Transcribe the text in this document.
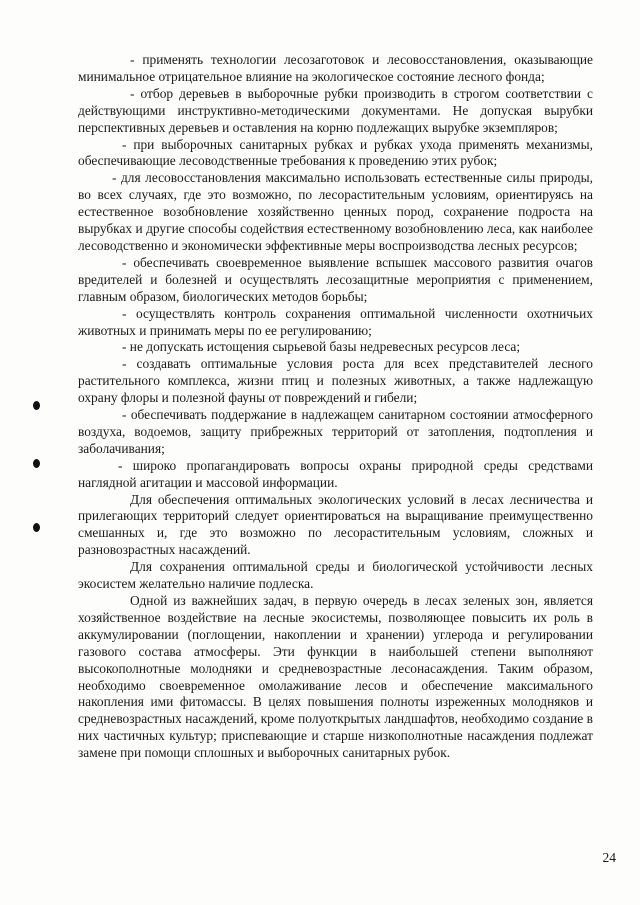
- применять технологии лесозаготовок и лесовосстановления, оказывающие минимальное отрицательное влияние на экологическое состояние лесного фонда;

- отбор деревьев в выборочные рубки производить в строгом соответствии с действующими инструктивно-методическими документами. Не допуская вырубки перспективных деревьев и оставления на корню подлежащих вырубке экземпляров;

- при выборочных санитарных рубках и рубках ухода применять механизмы, обеспечивающие лесоводственные требования к проведению этих рубок;

- для лесовосстановления максимально использовать естественные силы природы, во всех случаях, где это возможно, по лесорастительным условиям, ориентируясь на естественное возобновление хозяйственно ценных пород, сохранение подроста на вырубках и другие способы содействия естественному возобновлению леса, как наиболее лесоводственно и экономически эффективные меры воспроизводства лесных ресурсов;

- обеспечивать своевременное выявление вспышек массового развития очагов вредителей и болезней и осуществлять лесозащитные мероприятия с применением, главным образом, биологических методов борьбы;

- осуществлять контроль сохранения оптимальной численности охотничьих животных и принимать меры по ее регулированию;

- не допускать истощения сырьевой базы недревесных ресурсов леса;

- создавать оптимальные условия роста для всех представителей лесного растительного комплекса, жизни птиц и полезных животных, а также надлежащую охрану флоры и полезной фауны от повреждений и гибели;

- обеспечивать поддержание в надлежащем санитарном состоянии атмосферного воздуха, водоемов, защиту прибрежных территорий от затопления, подтопления и заболачивания;

- широко пропагандировать вопросы охраны природной среды средствами наглядной агитации и массовой информации.

Для обеспечения оптимальных экологических условий в лесах лесничества и прилегающих территорий следует ориентироваться на выращивание преимущественно смешанных и, где это возможно по лесорастительным условиям, сложных и разновозрастных насаждений.

Для сохранения оптимальной среды и биологической устойчивости лесных экосистем желательно наличие подлеска.

Одной из важнейших задач, в первую очередь в лесах зеленых зон, является хозяйственное воздействие на лесные экосистемы, позволяющее повысить их роль в аккумулировании (поглощении, накоплении и хранении) углерода и регулировании газового состава атмосферы. Эти функции в наибольшей степени выполняют высокополнотные молодняки и средневозрастные лесонасаждения. Таким образом, необходимо своевременное омолаживание лесов и обеспечение максимального накопления ими фитомассы. В целях повышения полноты изреженных молодняков и средневозрастных насаждений, кроме полуоткрытых ландшафтов, необходимо создание в них частичных культур; приспевающие и старше низкополнотные насаждения подлежат замене при помощи сплошных и выборочных санитарных рубок.

24
